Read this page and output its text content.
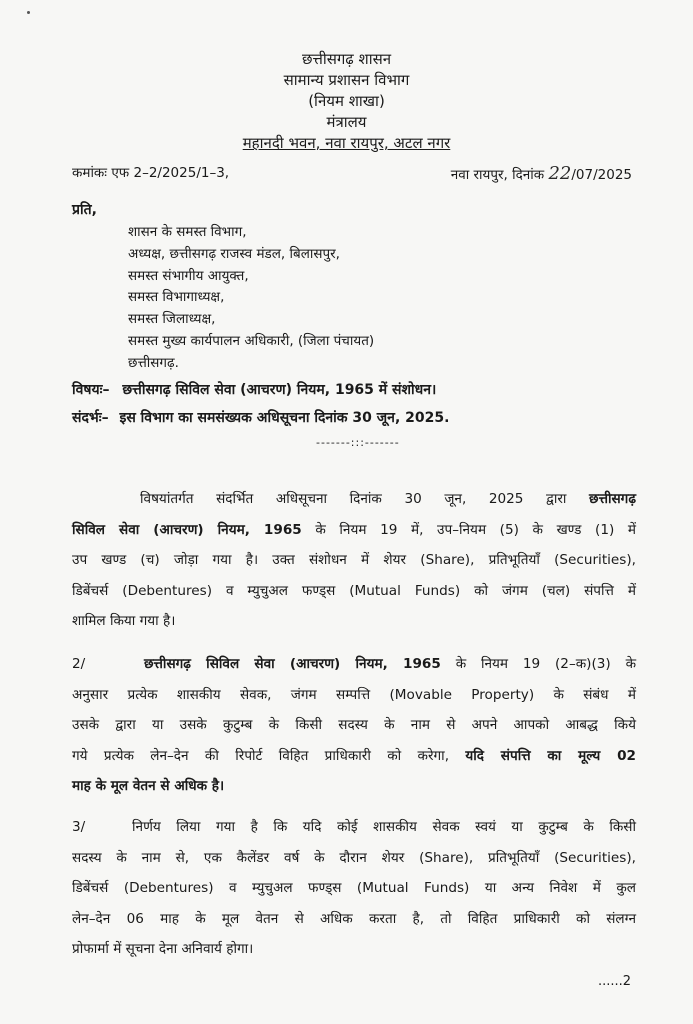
छत्तीसगढ़ शासन
सामान्य प्रशासन विभाग
(नियम शाखा)
मंत्रालय
महानदी भवन, नवा रायपुर, अटल नगर
कमांकः एफ 2–2/2025/1–3,	नवा रायपुर, दिनांक 22/07/2025
प्रति,
शासन के समस्त विभाग,
अध्यक्ष, छत्तीसगढ़ राजस्व मंडल, बिलासपुर,
समस्त संभागीय आयुक्त,
समस्त विभागाध्यक्ष,
समस्त जिलाध्यक्ष,
समस्त मुख्य कार्यपालन अधिकारी, (जिला पंचायत)
छत्तीसगढ़.
विषयः– छत्तीसगढ़ सिविल सेवा (आचरण) नियम, 1965 में संशोधन।
संदर्भः– इस विभाग का समसंख्यक अधिसूचना दिनांक 30 जून, 2025.
-------:::-------
विषयांतर्गत संदर्भित अधिसूचना दिनांक 30 जून, 2025 द्वारा छत्तीसगढ़
सिविल सेवा (आचरण) नियम, 1965 के नियम 19 में, उप–नियम (5) के खण्ड (1) में
उप खण्ड (च) जोड़ा गया है। उक्त संशोधन में शेयर (Share), प्रतिभूतियॉं (Securities),
डिबेंचर्स (Debentures) व म्युचुअल फण्ड्स (Mutual Funds) को जंगम (चल) संपत्ति में
शामिल किया गया है।
2/	छत्तीसगढ़ सिविल सेवा (आचरण) नियम, 1965 के नियम 19 (2–क)(3) के
अनुसार प्रत्येक शासकीय सेवक, जंगम सम्पत्ति (Movable Property) के संबंध में
उसके द्वारा या उसके कुटुम्ब के किसी सदस्य के नाम से अपने आपको आबद्ध किये
गये प्रत्येक लेन–देन की रिपोर्ट विहित प्राधिकारी को करेगा, यदि संपत्ति का मूल्य 02
माह के मूल वेतन से अधिक है।
3/	निर्णय लिया गया है कि यदि कोई शासकीय सेवक स्वयं या कुटुम्ब के किसी
सदस्य के नाम से, एक कैलेंडर वर्ष के दौरान शेयर (Share), प्रतिभूतियॉं (Securities),
डिबेंचर्स (Debentures) व म्युचुअल फण्ड्स (Mutual Funds) या अन्य निवेश में कुल
लेन–देन 06 माह के मूल वेतन से अधिक करता है, तो विहित प्राधिकारी को संलग्न
प्रोफार्मा में सूचना देना अनिवार्य होगा।
......2
